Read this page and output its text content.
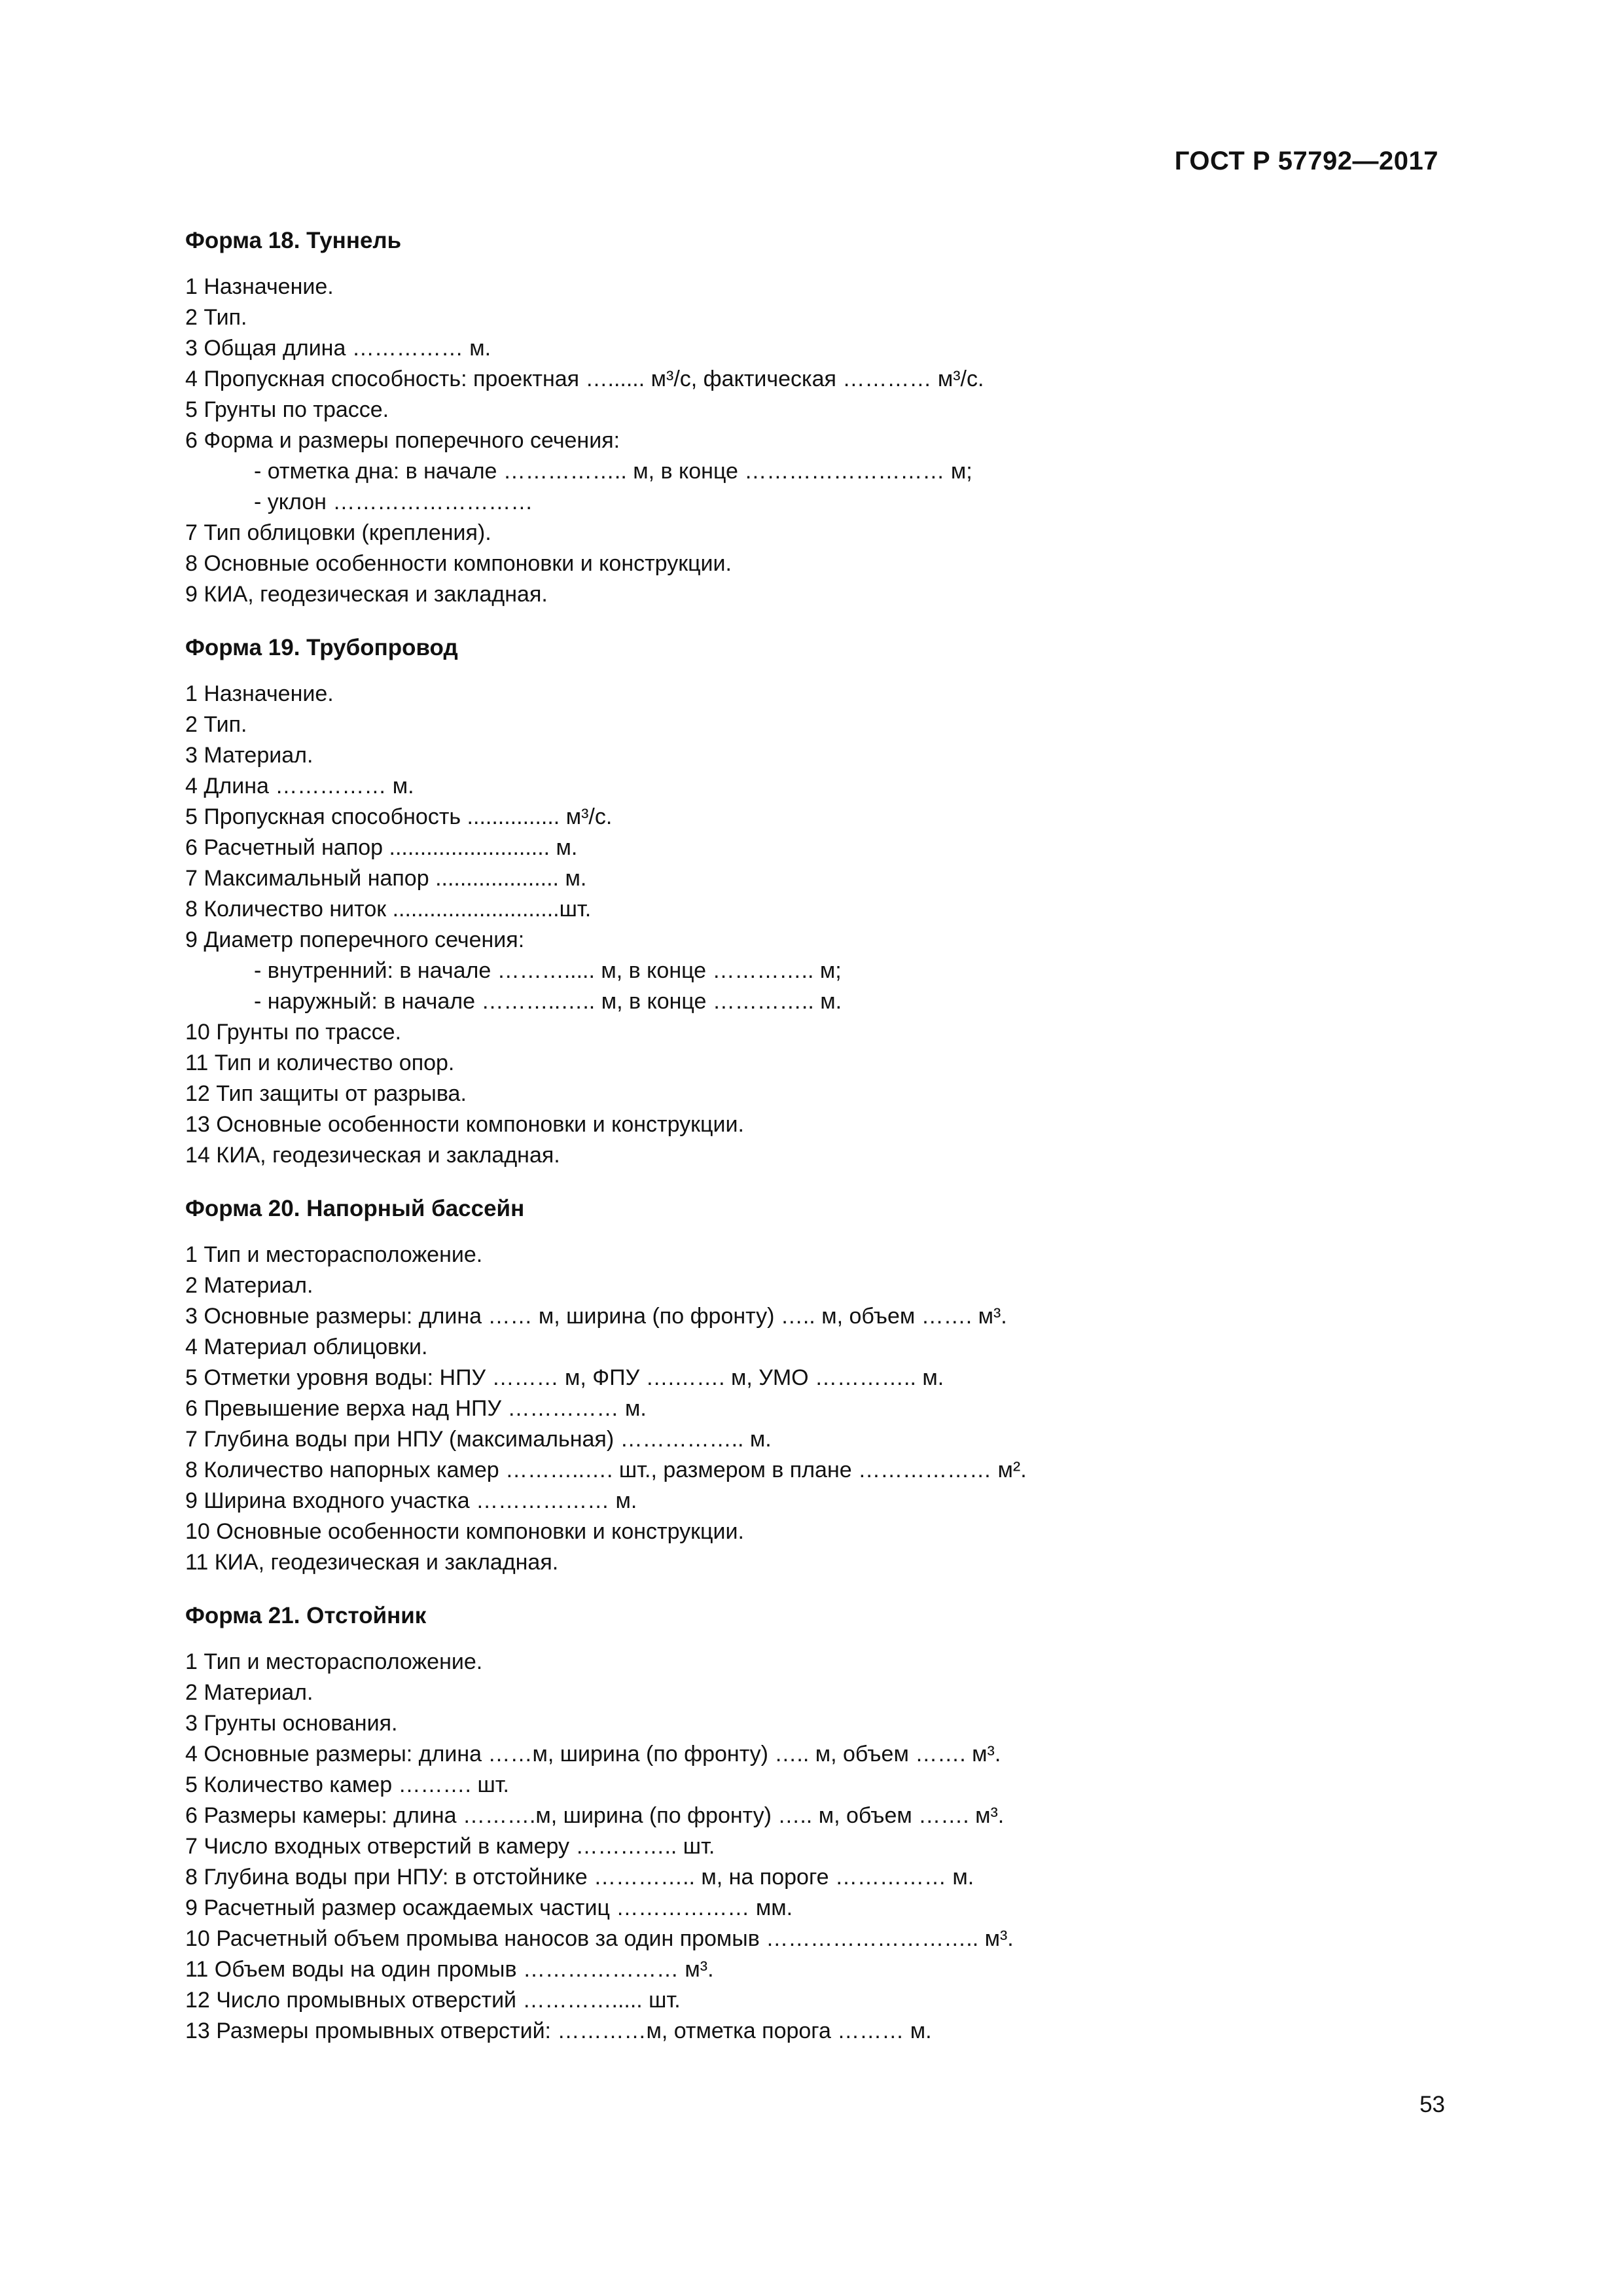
ГОСТ Р 57792—2017
Форма 18. Туннель
1 Назначение.
2 Тип.
3 Общая длина …………… м.
4 Пропускная способность: проектная …...... м³/с, фактическая ………… м³/с.
5 Грунты по трассе.
6 Форма и размеры поперечного сечения:
- отметка дна: в начале …………….. м, в конце ……………………… м;
- уклон ………………………
7 Тип облицовки (крепления).
8 Основные особенности компоновки и конструкции.
9 КИА, геодезическая и закладная.
Форма 19. Трубопровод
1 Назначение.
2 Тип.
3 Материал.
4 Длина …………… м.
5 Пропускная способность ............... м³/с.
6 Расчетный напор .......................... м.
7 Максимальный напор .................... м.
8 Количество ниток ...........................шт.
9 Диаметр поперечного сечения:
- внутренний: в начале ………..... м, в конце ………….. м;
- наружный: в начале ………..….. м, в конце ………….. м.
10 Грунты по трассе.
11 Тип и количество опор.
12 Тип защиты от разрыва.
13 Основные особенности компоновки и конструкции.
14 КИА, геодезическая и закладная.
Форма 20. Напорный бассейн
1 Тип и месторасположение.
2 Материал.
3 Основные размеры: длина …… м, ширина (по фронту) ….. м, объем ……. м³.
4 Материал облицовки.
5 Отметки уровня воды: НПУ ……… м, ФПУ ….……. м, УМО ………….. м.
6 Превышение верха над НПУ …………… м.
7 Глубина воды при НПУ (максимальная) …………….. м.
8 Количество напорных камер ………..…. шт., размером в плане ……………… м².
9 Ширина входного участка ……………… м.
10 Основные особенности компоновки и конструкции.
11 КИА, геодезическая и закладная.
Форма 21. Отстойник
1 Тип и месторасположение.
2 Материал.
3 Грунты основания.
4 Основные размеры: длина ……м, ширина (по фронту) ….. м, объем ……. м³.
5 Количество камер ………. шт.
6 Размеры камеры: длина ……….м, ширина (по фронту) ….. м, объем ……. м³.
7 Число входных отверстий в камеру ………….. шт.
8 Глубина воды при НПУ: в отстойнике ………….. м, на пороге …………… м.
9 Расчетный размер осаждаемых частиц ……………… мм.
10 Расчетный объем промыва наносов за один промыв ……………………….. м³.
11 Объем воды на один промыв ………………… м³.
12 Число промывных отверстий …………..... шт.
13 Размеры промывных отверстий: …………м, отметка порога ……… м.
53
